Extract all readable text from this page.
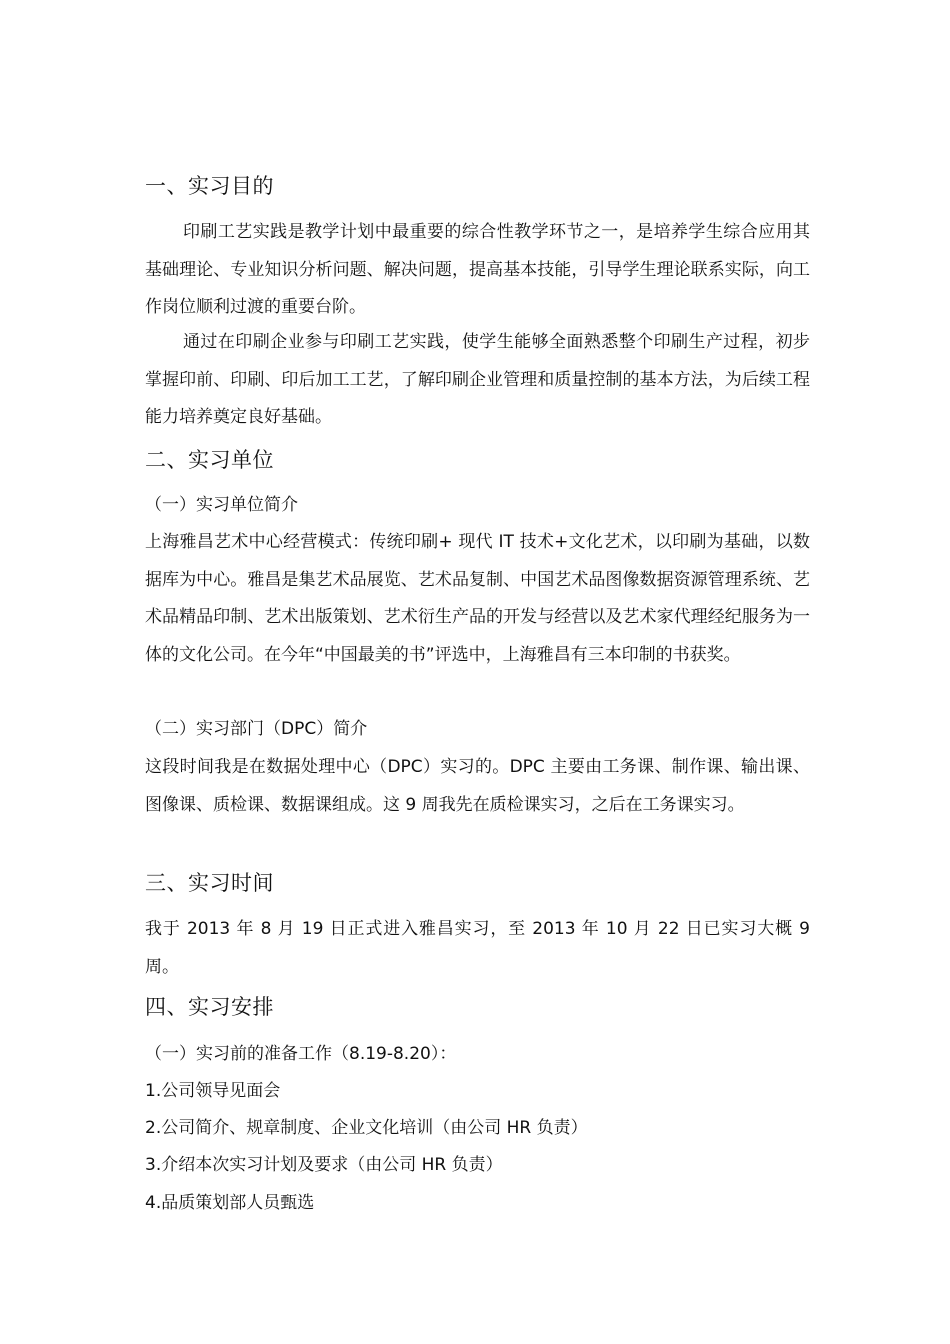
一、实习目的

印刷工艺实践是教学计划中最重要的综合性教学环节之一，是培养学生综合应用其基础理论、专业知识分析问题、解决问题，提高基本技能，引导学生理论联系实际，向工作岗位顺利过渡的重要台阶。

通过在印刷企业参与印刷工艺实践，使学生能够全面熟悉整个印刷生产过程，初步掌握印前、印刷、印后加工工艺，了解印刷企业管理和质量控制的基本方法，为后续工程能力培养奠定良好基础。

二、实习单位

（一）实习单位简介

上海雅昌艺术中心经营模式：传统印刷+ 现代 IT 技术+文化艺术，以印刷为基础，以数据库为中心。雅昌是集艺术品展览、艺术品复制、中国艺术品图像数据资源管理系统、艺术品精品印制、艺术出版策划、艺术衍生产品的开发与经营以及艺术家代理经纪服务为一体的文化公司。在今年“中国最美的书”评选中，上海雅昌有三本印制的书获奖。

（二）实习部门（DPC）简介

这段时间我是在数据处理中心（DPC）实习的。DPC 主要由工务课、制作课、输出课、图像课、质检课、数据课组成。这 9 周我先在质检课实习，之后在工务课实习。

三、实习时间

我于 2013 年 8 月 19 日正式进入雅昌实习，至 2013 年 10 月 22 日已实习大概 9 周。

四、实习安排

（一）实习前的准备工作（8.19-8.20）：

1.公司领导见面会

2.公司简介、规章制度、企业文化培训（由公司 HR 负责）

3.介绍本次实习计划及要求（由公司 HR 负责）

4.品质策划部人员甄选
